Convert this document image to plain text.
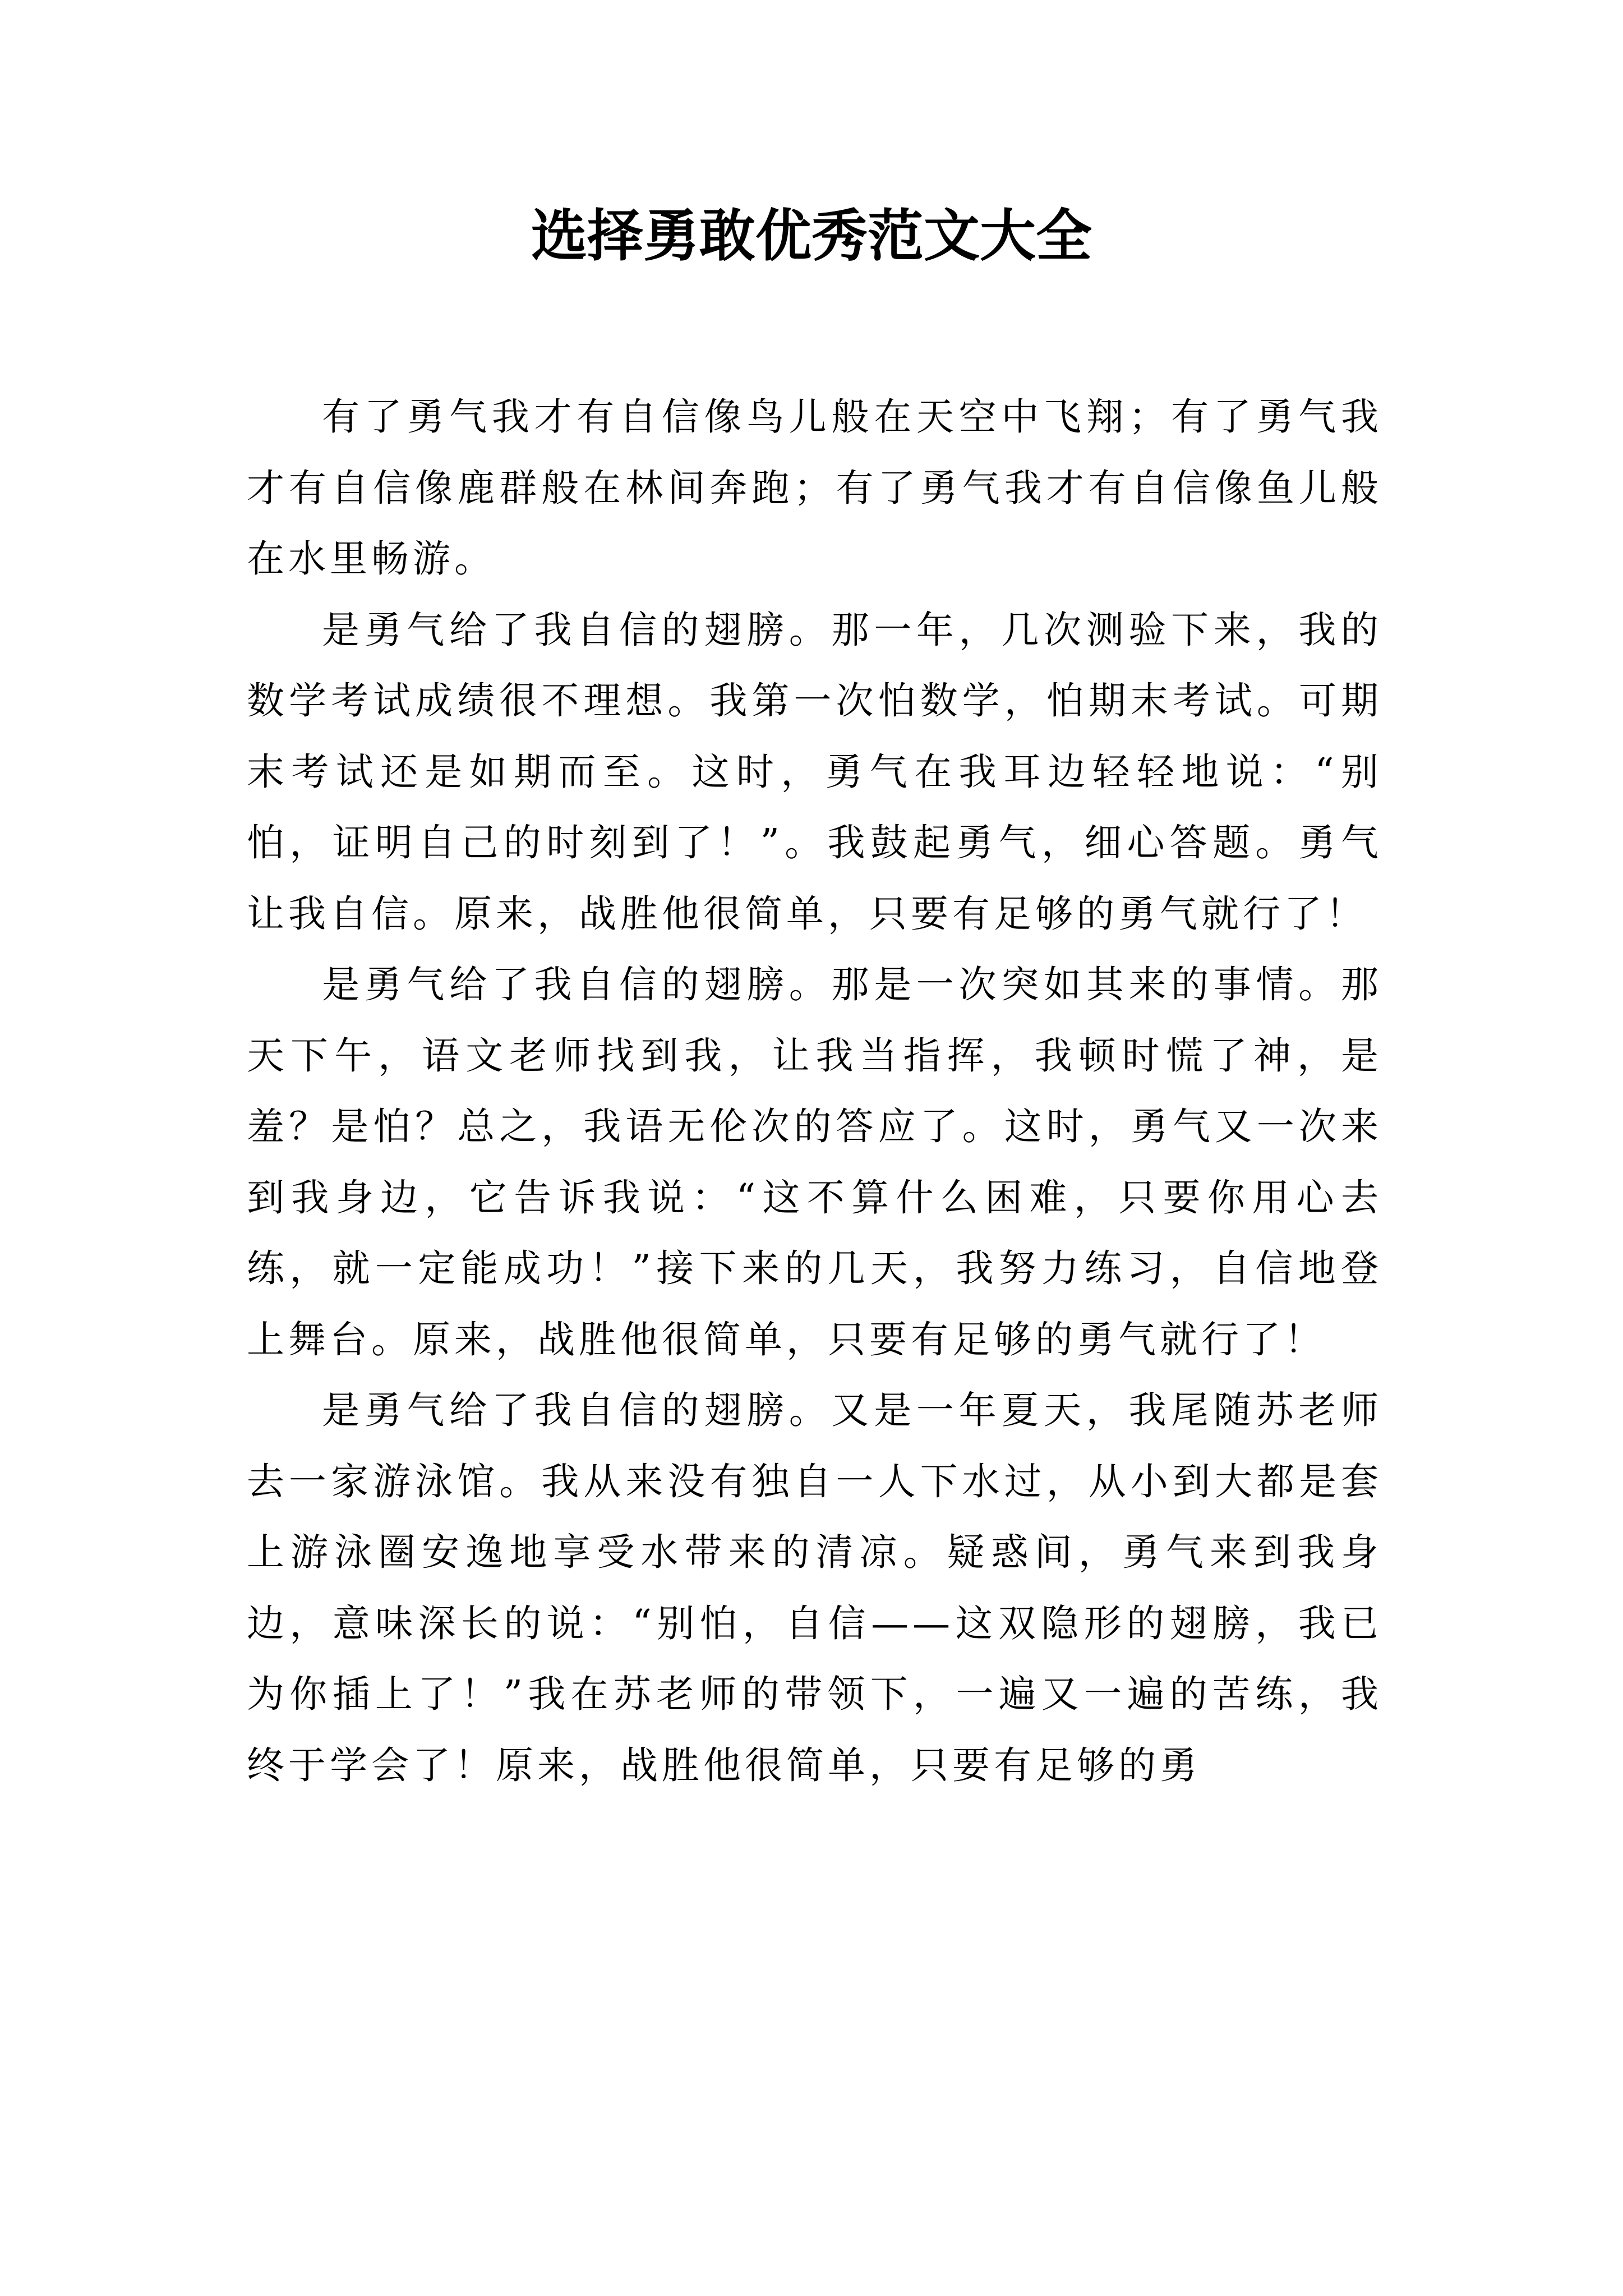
选择勇敢优秀范文大全

有了勇气我才有自信像鸟儿般在天空中飞翔；有了勇气我才有自信像鹿群般在林间奔跑；有了勇气我才有自信像鱼儿般在水里畅游。

是勇气给了我自信的翅膀。那一年，几次测验下来，我的数学考试成绩很不理想。我第一次怕数学，怕期末考试。可期末考试还是如期而至。这时，勇气在我耳边轻轻地说：“别怕，证明自己的时刻到了！”。我鼓起勇气，细心答题。勇气让我自信。原来，战胜他很简单，只要有足够的勇气就行了！

是勇气给了我自信的翅膀。那是一次突如其来的事情。那天下午，语文老师找到我，让我当指挥，我顿时慌了神，是羞？是怕？总之，我语无伦次的答应了。这时，勇气又一次来到我身边，它告诉我说：“这不算什么困难，只要你用心去练，就一定能成功！”接下来的几天，我努力练习，自信地登上舞台。原来，战胜他很简单，只要有足够的勇气就行了！

是勇气给了我自信的翅膀。又是一年夏天，我尾随苏老师去一家游泳馆。我从来没有独自一人下水过，从小到大都是套上游泳圈安逸地享受水带来的清凉。疑惑间，勇气来到我身边，意味深长的说：“别怕，自信——这双隐形的翅膀，我已为你插上了！”我在苏老师的带领下，一遍又一遍的苦练，我终于学会了！原来，战胜他很简单，只要有足够的勇
